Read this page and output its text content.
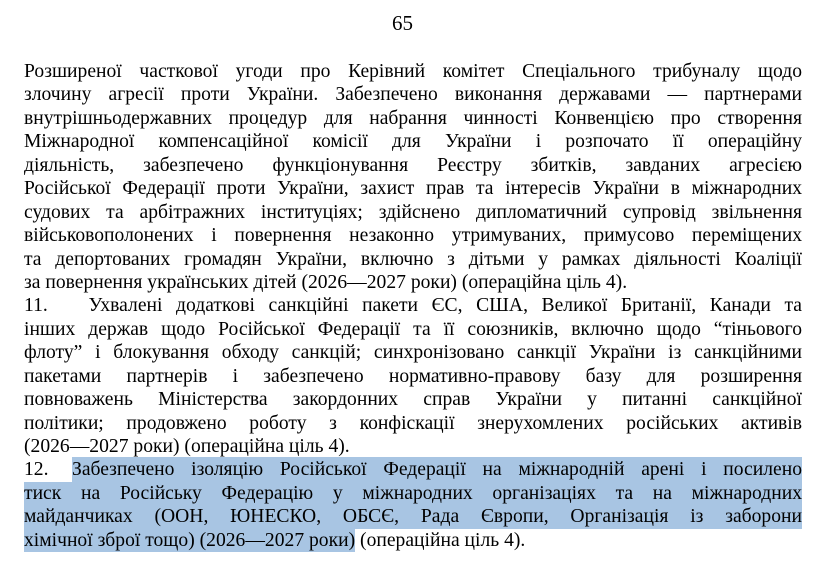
65
Розширеної часткової угоди про Керівний комітет Спеціального трибуналу щодо
злочину агресії проти України. Забезпечено виконання державами — партнерами
внутрішньодержавних процедур для набрання чинності Конвенцією про створення
Міжнародної компенсаційної комісії для України і розпочато її операційну
діяльність, забезпечено функціонування Реєстру збитків, завданих агресією
Російської Федерації проти України, захист прав та інтересів України в міжнародних
судових та арбітражних інституціях; здійснено дипломатичний супровід звільнення
військовополонених і повернення незаконно утримуваних, примусово переміщених
та депортованих громадян України, включно з дітьми у рамках діяльності Коаліції
за повернення українських дітей (2026—2027 роки) (операційна ціль 4).
11.   Ухвалені додаткові санкційні пакети ЄС, США, Великої Британії, Канади та
інших держав щодо Російської Федерації та її союзників, включно щодо “тіньового
флоту” і блокування обходу санкцій; синхронізовано санкції України із санкційними
пакетами партнерів і забезпечено нормативно-правову базу для розширення
повноважень Міністерства закордонних справ України у питанні санкційної
політики; продовжено роботу з конфіскації знерухомлених російських активів
(2026—2027 роки) (операційна ціль 4).
12.	Забезпечено ізоляцію Російської Федерації на міжнародній арені і посилено
тиск на Російську Федерацію у міжнародних організаціях та на міжнародних
майданчиках (ООН, ЮНЕСКО, ОБСЄ, Рада Європи, Організація із заборони
хімічної зброї тощо) (2026—2027 роки) (операційна ціль 4).
